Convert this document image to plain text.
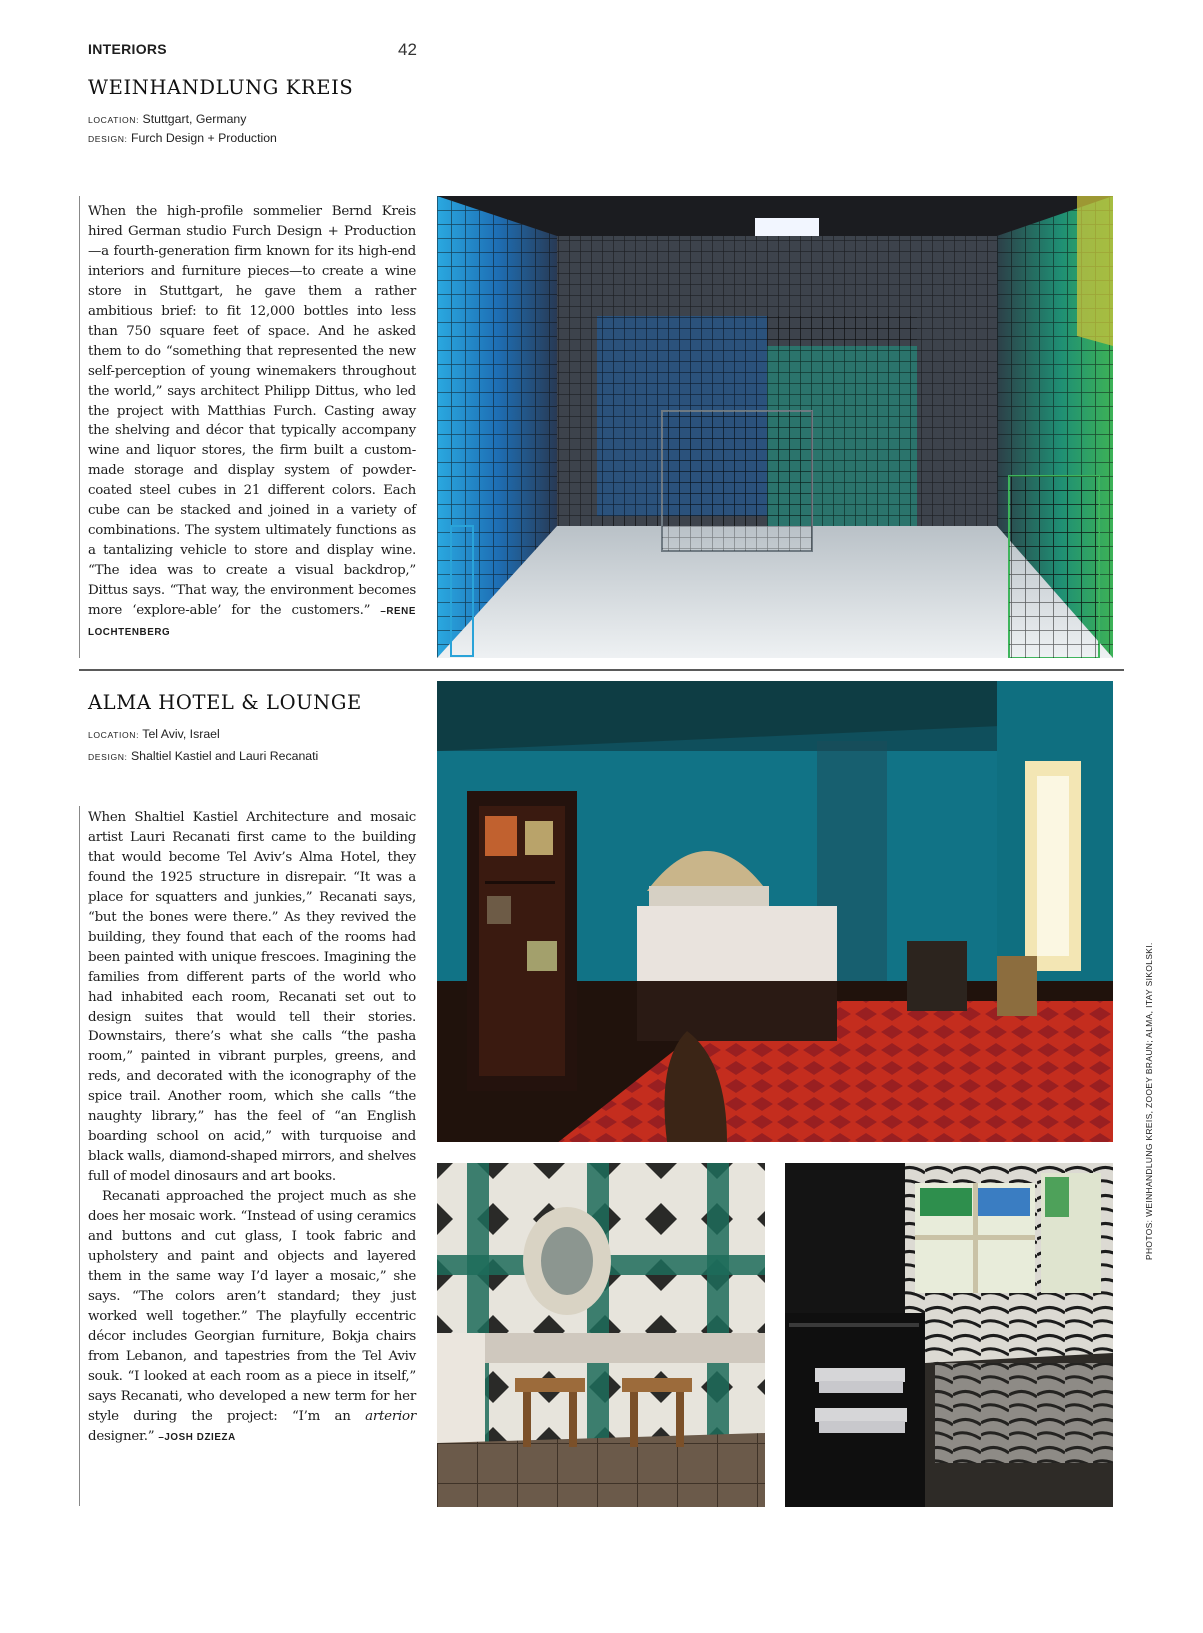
INTERIORS	42
WEINHANDLUNG KREIS
LOCATION: Stuttgart, Germany
DESIGN: Furch Design + Production

When the high-profile sommelier Bernd Kreis hired German studio Furch Design + Production—a fourth-generation firm known for its high-end interiors and furniture pieces—to create a wine store in Stuttgart, he gave them a rather ambitious brief: to fit 12,000 bottles into less than 750 square feet of space. And he asked them to do “something that represented the new self-perception of young winemakers throughout the world,” says architect Philipp Dittus, who led the project with Matthias Furch. Casting away the shelving and décor that typically accompany wine and liquor stores, the firm built a custom-made storage and display system of powder-coated steel cubes in 21 different colors. Each cube can be stacked and joined in a variety of combinations. The system ultimately functions as a tantalizing vehicle to store and display wine. “The idea was to create a visual backdrop,” Dittus says. “That way, the environment becomes more ‘explore-able’ for the customers.” –RENE LOCHTENBERG

ALMA HOTEL & LOUNGE
LOCATION: Tel Aviv, Israel
DESIGN: Shaltiel Kastiel and Lauri Recanati

When Shaltiel Kastiel Architecture and mosaic artist Lauri Recanati first came to the building that would become Tel Aviv’s Alma Hotel, they found the 1925 structure in disrepair. “It was a place for squatters and junkies,” Recanati says, “but the bones were there.” As they revived the building, they found that each of the rooms had been painted with unique frescoes. Imagining the families from different parts of the world who had inhabited each room, Recanati set out to design suites that would tell their stories. Downstairs, there’s what she calls “the pasha room,” painted in vibrant purples, greens, and reds, and decorated with the iconography of the spice trail. Another room, which she calls “the naughty library,” has the feel of “an English boarding school on acid,” with turquoise and black walls, diamond-shaped mirrors, and shelves full of model dinosaurs and art books.

Recanati approached the project much as she does her mosaic work. “Instead of using ceramics and buttons and cut glass, I took fabric and upholstery and paint and objects and layered them in the same way I’d layer a mosaic,” she says. “The colors aren’t standard; they just worked well together.” The playfully eccentric décor includes Georgian furniture, Bokja chairs from Lebanon, and tapestries from the Tel Aviv souk. “I looked at each room as a piece in itself,” says Recanati, who developed a new term for her style during the project: “I’m an arterior designer.” –JOSH DZIEZA

PHOTOS: WEINHANDLUNG KREIS, ZOOEY BRAUN; ALMA, ITAY SIKOLSKI.
